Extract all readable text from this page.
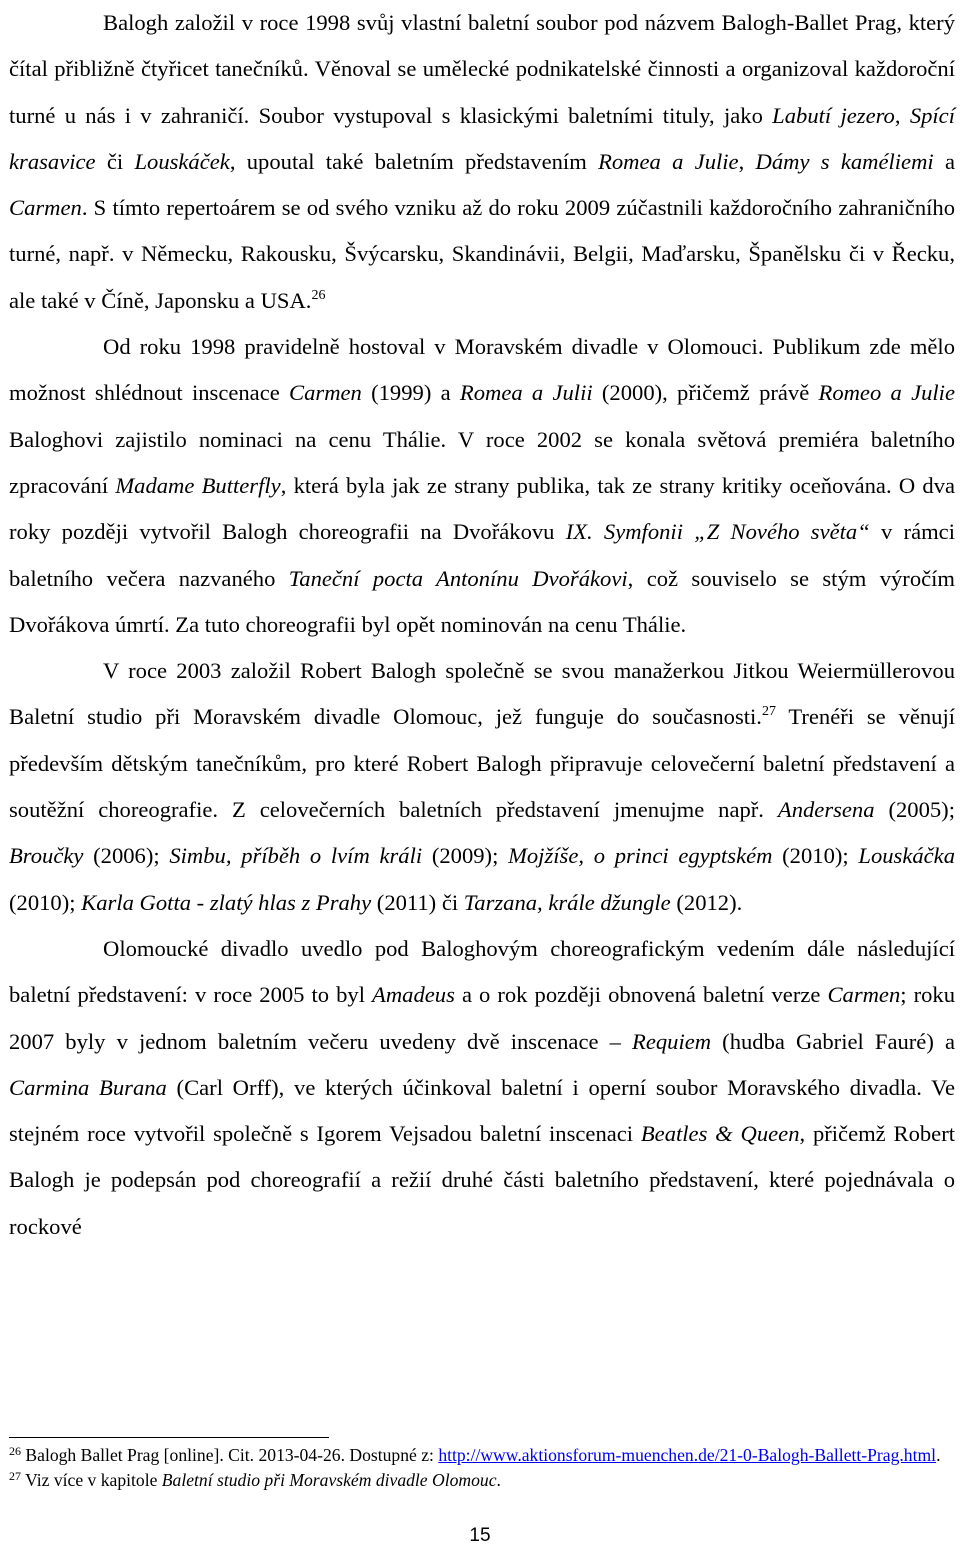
Balogh založil v roce 1998 svůj vlastní baletní soubor pod názvem Balogh-Ballet Prag, který čítal přibližně čtyřicet tanečníků. Věnoval se umělecké podnikatelské činnosti a organizoval každoroční turné u nás i v zahraničí. Soubor vystupoval s klasickými baletními tituly, jako Labutí jezero, Spící krasavice či Louskáček, upoutal také baletním představením Romea a Julie, Dámy s kaméliemi a Carmen. S tímto repertoárem se od svého vzniku až do roku 2009 zúčastnili každoročního zahraničního turné, např. v Německu, Rakousku, Švýcarsku, Skandinávii, Belgii, Maďarsku, Španělsku či v Řecku, ale také v Číně, Japonsku a USA.$^{26}$

Od roku 1998 pravidelně hostoval v Moravském divadle v Olomouci. Publikum zde mělo možnost shlédnout inscenace Carmen (1999) a Romea a Julii (2000), přičemž právě Romeo a Julie Baloghovi zajistilo nominaci na cenu Thálie. V roce 2002 se konala světová premiéra baletního zpracování Madame Butterfly, která byla jak ze strany publika, tak ze strany kritiky oceňována. O dva roky později vytvořil Balogh choreografii na Dvořákovu IX. Symfonii „Z Nového světa“ v rámci baletního večera nazvaného Taneční pocta Antonínu Dvořákovi, což souviselo se stým výročím Dvořákova úmrtí. Za tuto choreografii byl opět nominován na cenu Thálie.

V roce 2003 založil Robert Balogh společně se svou manažerkou Jitkou Weiermüllerovou Baletní studio při Moravském divadle Olomouc, jež funguje do současnosti.$^{27}$ Trenéři se věnují především dětským tanečníkům, pro které Robert Balogh připravuje celovečerní baletní představení a soutěžní choreografie. Z celovečerních baletních představení jmenujme např. Andersena (2005); Broučky (2006); Simbu, příběh o lvím králi (2009); Mojžíše, o princi egyptském (2010); Louskáčka (2010); Karla Gotta - zlatý hlas z Prahy (2011) či Tarzana, krále džungle (2012).

Olomoucké divadlo uvedlo pod Baloghovým choreografickým vedením dále následující baletní představení: v roce 2005 to byl Amadeus a o rok později obnovená baletní verze Carmen; roku 2007 byly v jednom baletním večeru uvedeny dvě inscenace – Requiem (hudba Gabriel Fauré) a Carmina Burana (Carl Orff), ve kterých účinkoval baletní i operní soubor Moravského divadla. Ve stejném roce vytvořil společně s Igorem Vejsadou baletní inscenaci Beatles & Queen, přičemž Robert Balogh je podepsán pod choreografií a režií druhé části baletního představení, které pojednávala o rockové

$^{26}$ Balogh Ballet Prag [online]. Cit. 2013-04-26. Dostupné z: http://www.aktionsforum-muenchen.de/21-0-Balogh-Ballett-Prag.html.

$^{27}$ Viz více v kapitole Baletní studio při Moravském divadle Olomouc.

15
